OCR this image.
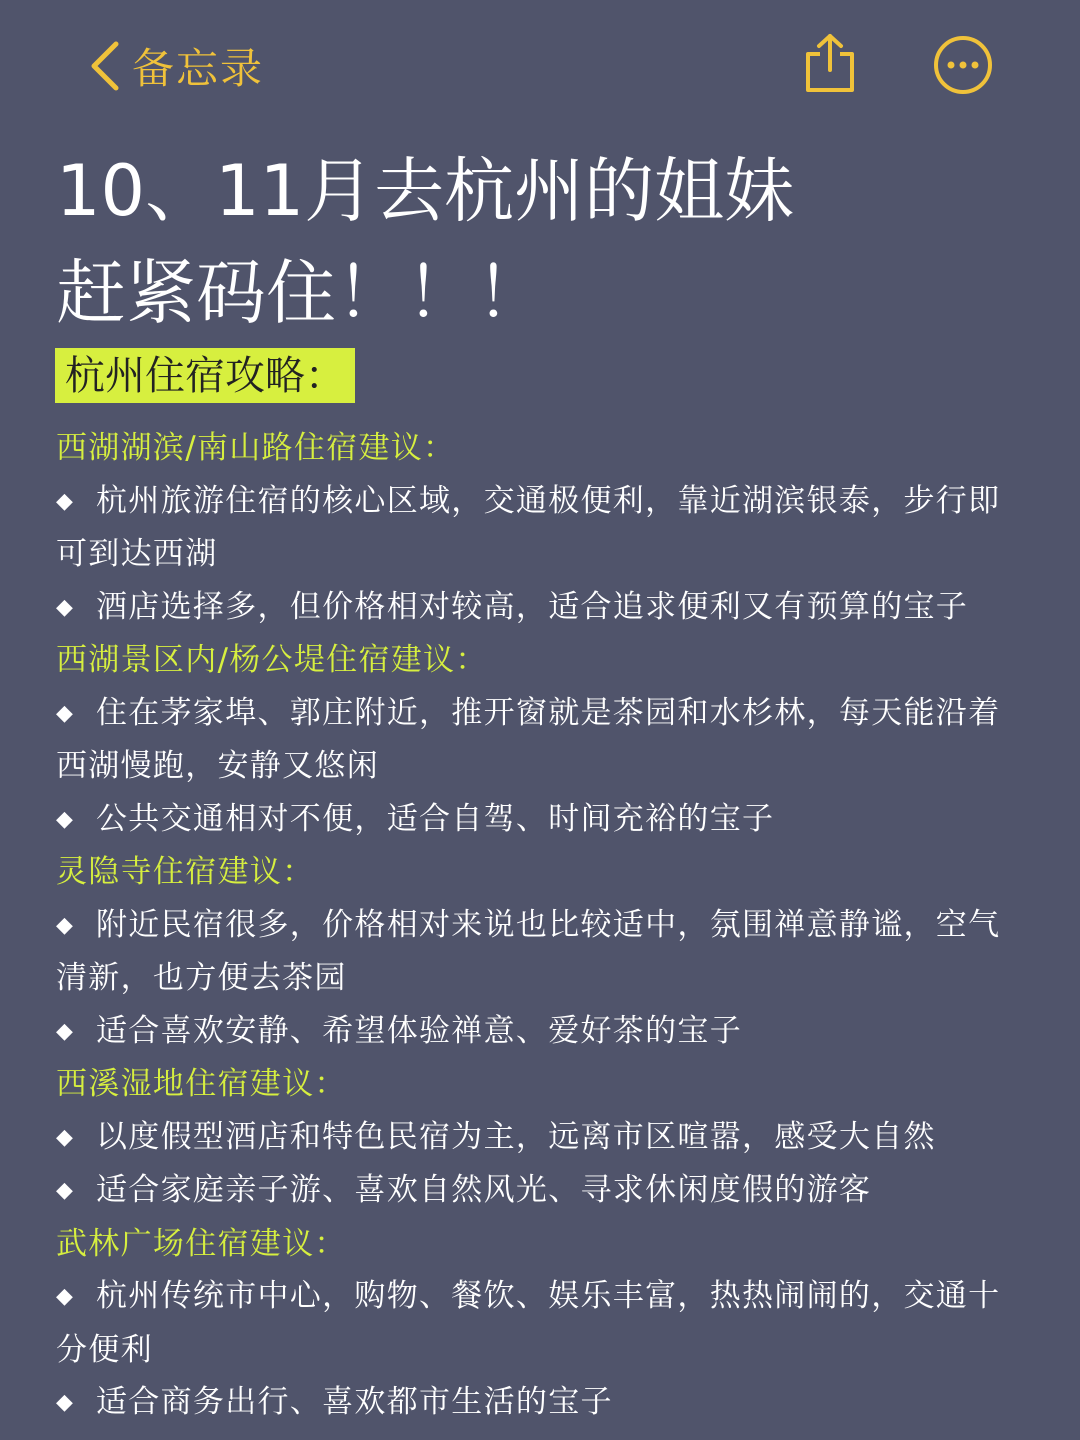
备忘录
10、11月去杭州的姐妹
赶紧码住！！！
杭州住宿攻略：
西湖湖滨/南山路住宿建议：
◆ 杭州旅游住宿的核心区域，交通极便利，靠近湖滨银泰，步行即可到达西湖
◆ 酒店选择多，但价格相对较高，适合追求便利又有预算的宝子
西湖景区内/杨公堤住宿建议：
◆ 住在茅家埠、郭庄附近，推开窗就是茶园和水杉林，每天能沿着西湖慢跑，安静又悠闲
◆ 公共交通相对不便，适合自驾、时间充裕的宝子
灵隐寺住宿建议：
◆ 附近民宿很多，价格相对来说也比较适中，氛围禅意静谧，空气清新，也方便去茶园
◆ 适合喜欢安静、希望体验禅意、爱好茶的宝子
西溪湿地住宿建议：
◆ 以度假型酒店和特色民宿为主，远离市区喧嚣，感受大自然
◆ 适合家庭亲子游、喜欢自然风光、寻求休闲度假的游客
武林广场住宿建议：
◆ 杭州传统市中心，购物、餐饮、娱乐丰富，热热闹闹的，交通十分便利
◆ 适合商务出行、喜欢都市生活的宝子
